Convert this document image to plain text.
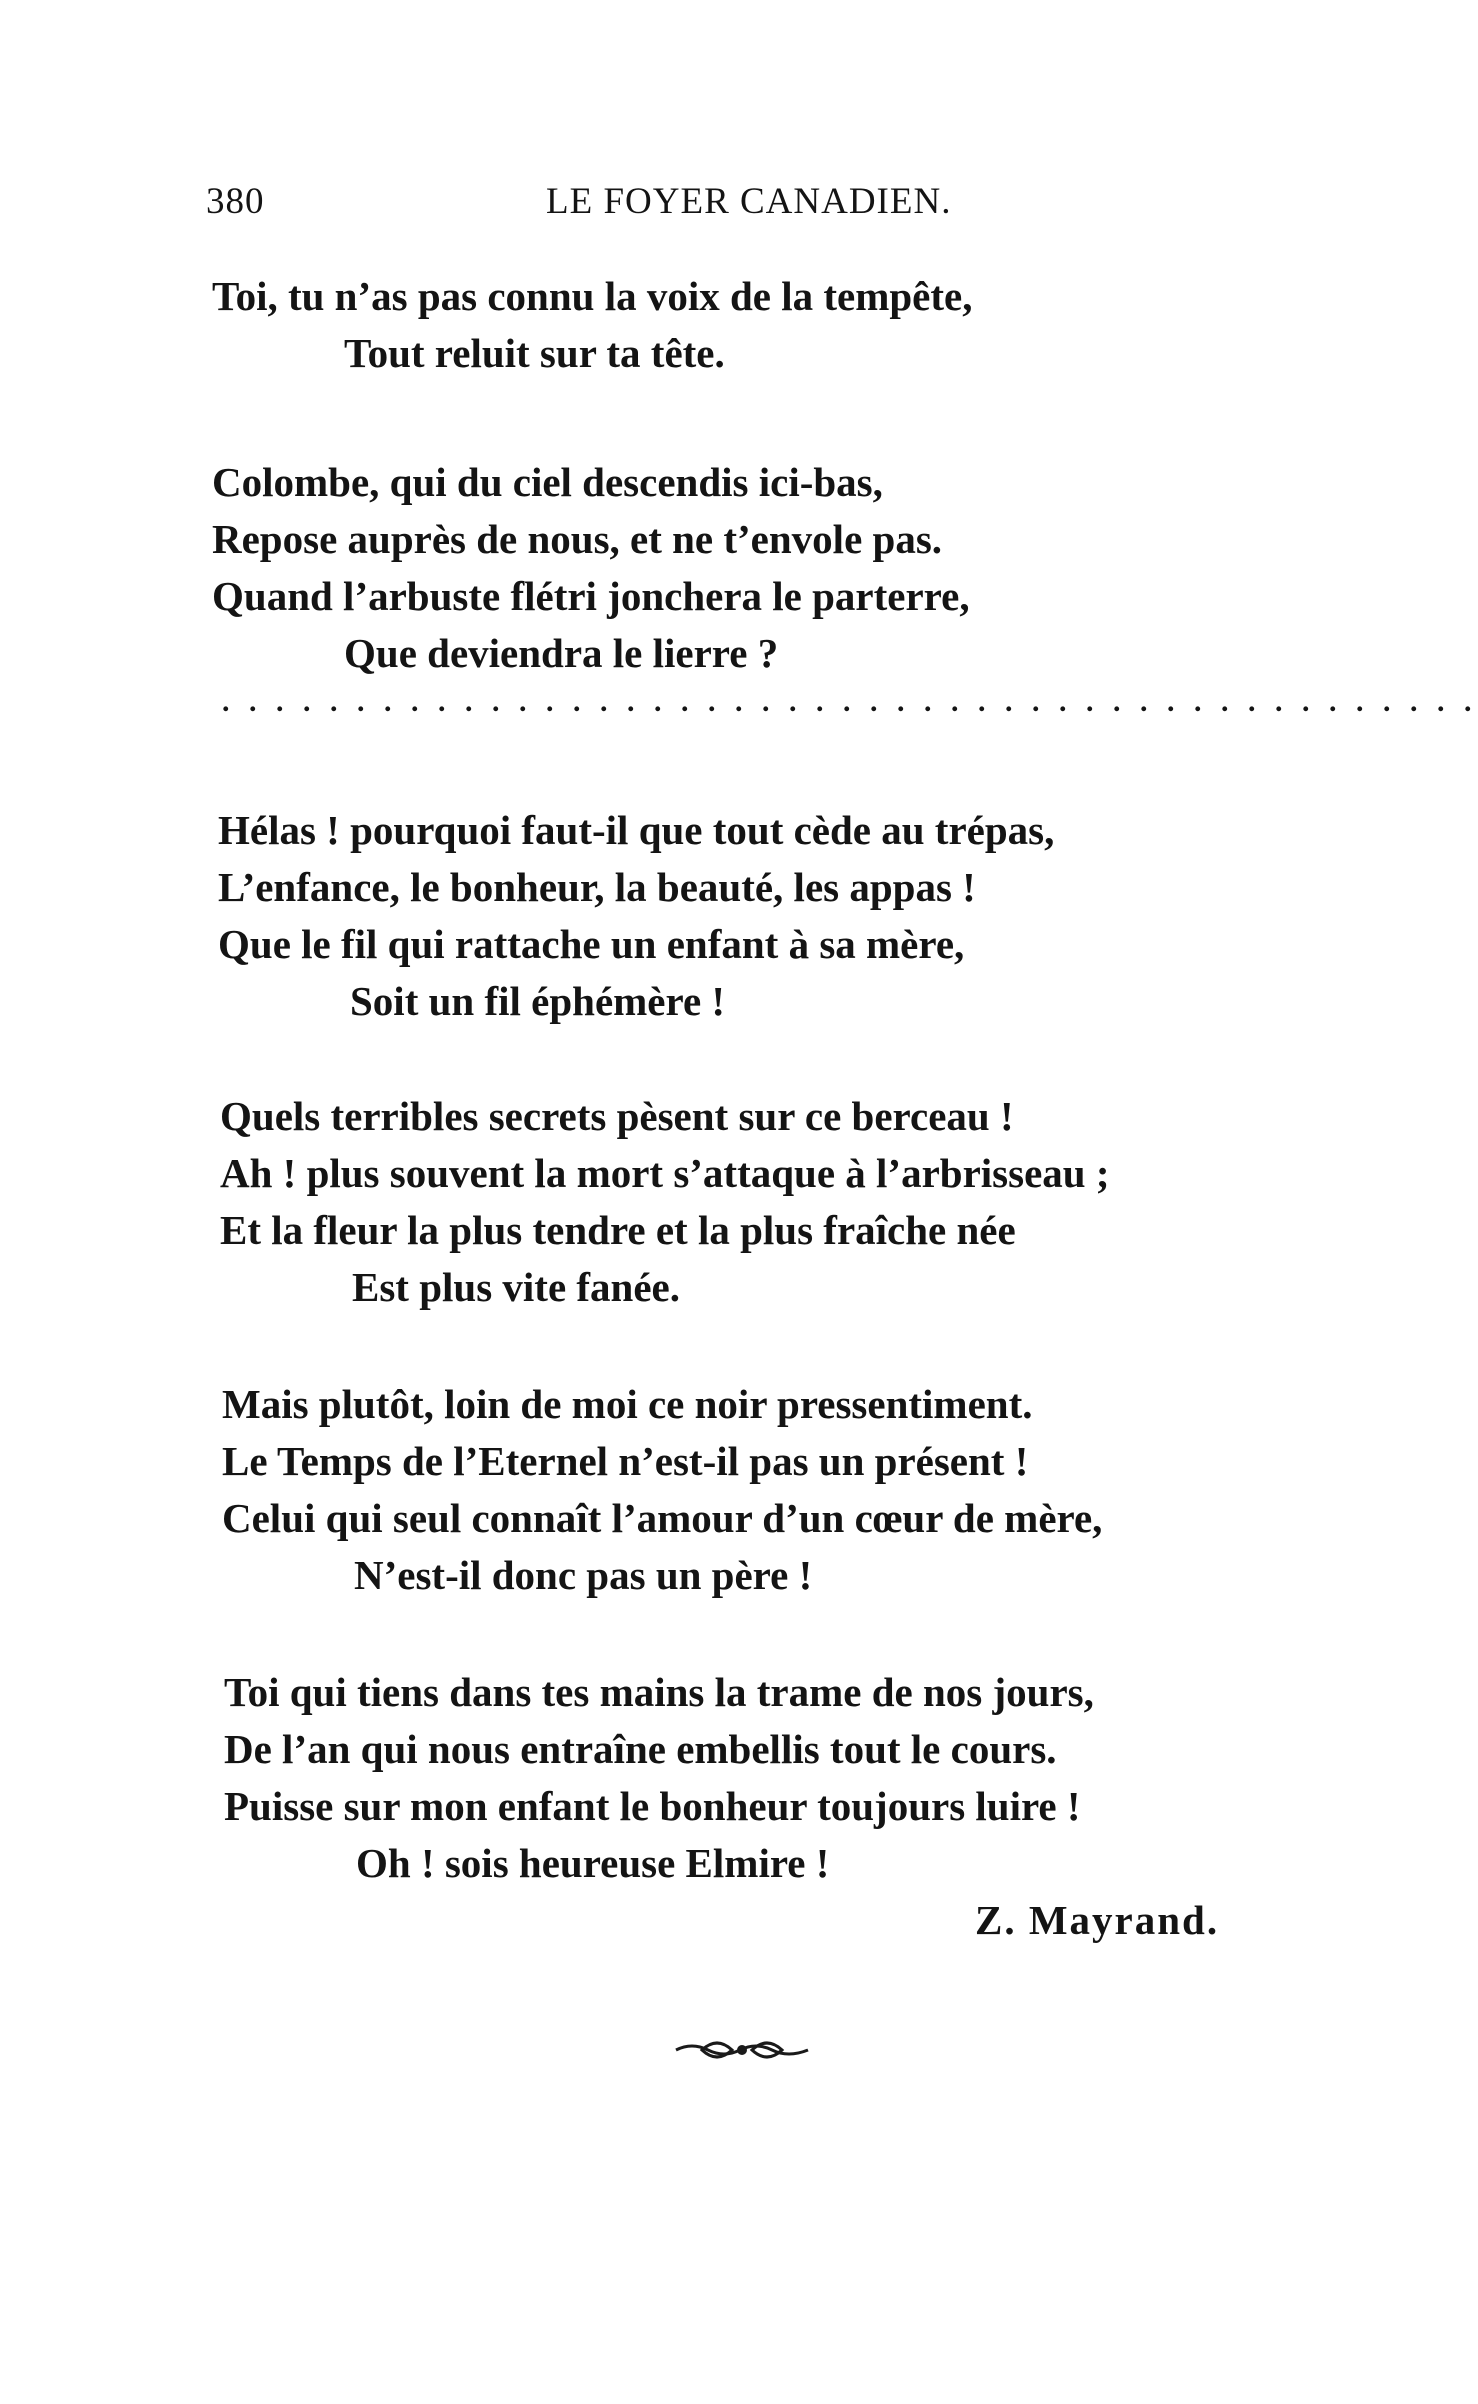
380	LE FOYER CANADIEN.
Toi, tu n’as pas connu la voix de la tempête,
Tout reluit sur ta tête.
Colombe, qui du ciel descendis ici-bas,
Repose auprès de nous, et ne t’envole pas.
Quand l’arbuste flétri jonchera le parterre,
Que deviendra le lierre ?
Hélas ! pourquoi faut-il que tout cède au trépas,
L’enfance, le bonheur, la beauté, les appas !
Que le fil qui rattache un enfant à sa mère,
Soit un fil éphémère !
Quels terribles secrets pèsent sur ce berceau !
Ah ! plus souvent la mort s’attaque à l’arbrisseau ;
Et la fleur la plus tendre et la plus fraîche née
Est plus vite fanée.
Mais plutôt, loin de moi ce noir pressentiment.
Le Temps de l’Eternel n’est-il pas un présent !
Celui qui seul connaît l’amour d’un cœur de mère,
N’est-il donc pas un père !
Toi qui tiens dans tes mains la trame de nos jours,
De l’an qui nous entraîne embellis tout le cours.
Puisse sur mon enfant le bonheur toujours luire !
Oh ! sois heureuse Elmire !
. . . . . . . . . . . . . . . . . . . . . . . . . . . . . . . . . . . . . . . . . . . . . . .
Z. Mayrand.
